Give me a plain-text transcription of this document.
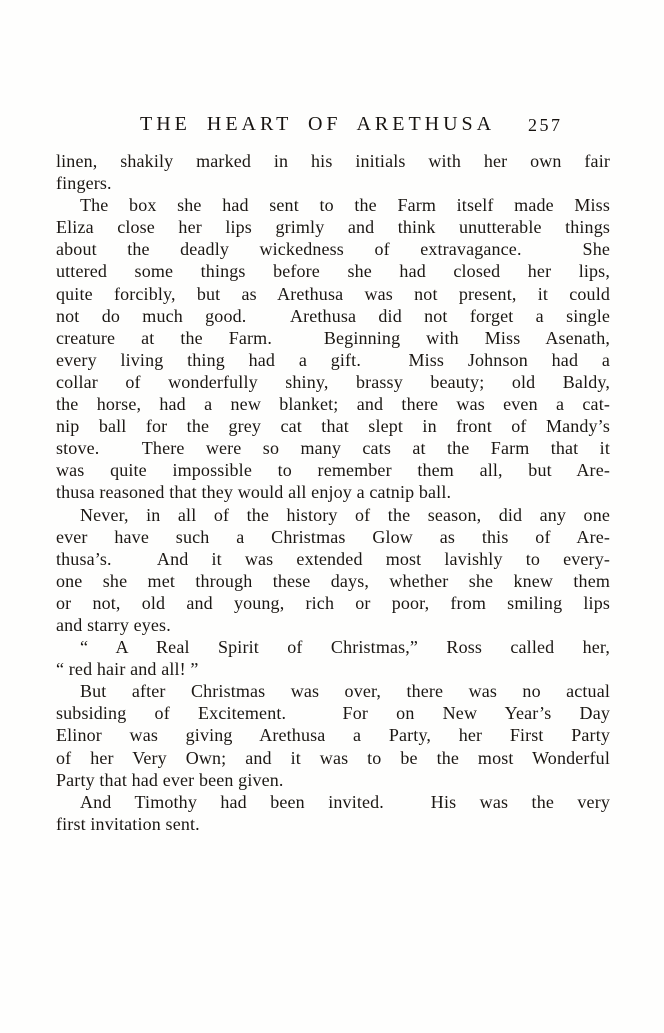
THE HEART OF ARETHUSA 257
linen, shakily marked in his initials with her own fair
fingers.
The box she had sent to the Farm itself made Miss
Eliza close her lips grimly and think unutterable things
about the deadly wickedness of extravagance.  She
uttered some things before she had closed her lips,
quite forcibly, but as Arethusa was not present, it could
not do much good.  Arethusa did not forget a single
creature at the Farm.  Beginning with Miss Asenath,
every living thing had a gift.  Miss Johnson had a
collar of wonderfully shiny, brassy beauty; old Baldy,
the horse, had a new blanket; and there was even a cat-
nip ball for the grey cat that slept in front of Mandy’s
stove.  There were so many cats at the Farm that it
was quite impossible to remember them all, but Are-
thusa reasoned that they would all enjoy a catnip ball.
Never, in all of the history of the season, did any one
ever have such a Christmas Glow as this of Are-
thusa’s.  And it was extended most lavishly to every-
one she met through these days, whether she knew them
or not, old and young, rich or poor, from smiling lips
and starry eyes.
“ A Real Spirit of Christmas,” Ross called her,
“ red hair and all! ”
But after Christmas was over, there was no actual
subsiding of Excitement.  For on New Year’s Day
Elinor was giving Arethusa a Party, her First Party
of her Very Own; and it was to be the most Wonderful
Party that had ever been given.
And Timothy had been invited.  His was the very
first invitation sent.
